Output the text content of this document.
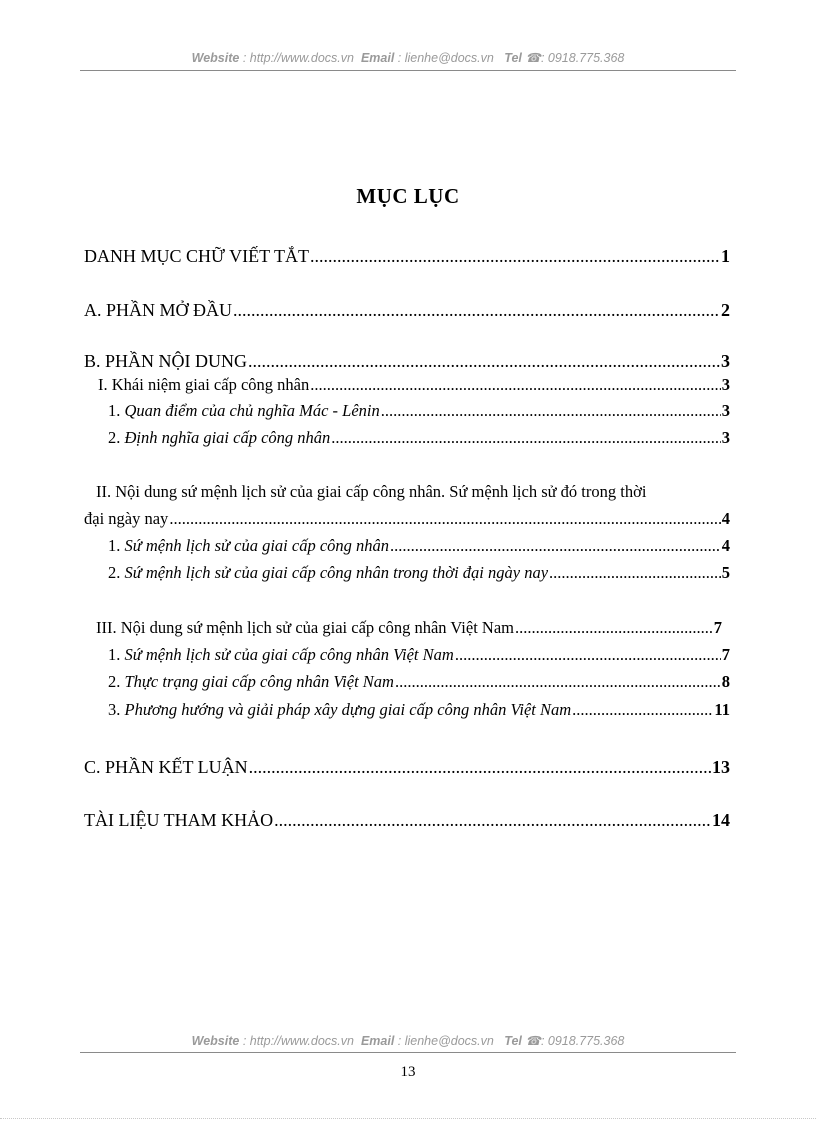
Website : http://www.docs.vn Email : lienhe@docs.vn Tel ☎: 0918.775.368
MỤC LỤC
DANH MỤC CHỮ VIẾT TẮT .....	1
A. PHẦN MỞ ĐẦU .....	2
B. PHẦN NỘI DUNG .....	3
I. Khái niệm giai cấp công nhân .....	3
1. Quan điểm của chủ nghĩa Mác - Lênin .....	3
2. Định nghĩa giai cấp công nhân .....	3
II. Nội dung sứ mệnh lịch sử của giai cấp công nhân. Sứ mệnh lịch sử đó trong thời
đại ngày nay .....	4
1. Sứ mệnh lịch sử của giai cấp công nhân .....	4
2. Sứ mệnh lịch sử của giai cấp công nhân trong thời đại ngày nay .....	5
III. Nội dung sứ mệnh lịch sử của giai cấp công nhân Việt Nam .....	7
1. Sứ mệnh lịch sử của giai cấp công nhân Việt Nam .....	7
2. Thực trạng giai cấp công nhân Việt Nam .....	8
3. Phương hướng và giải pháp xây dựng giai cấp công nhân Việt Nam .....	11
C. PHẦN KẾT LUẬN .....	13
TÀI LIỆU THAM KHẢO .....	14
Website : http://www.docs.vn Email : lienhe@docs.vn Tel ☎: 0918.775.368
13
